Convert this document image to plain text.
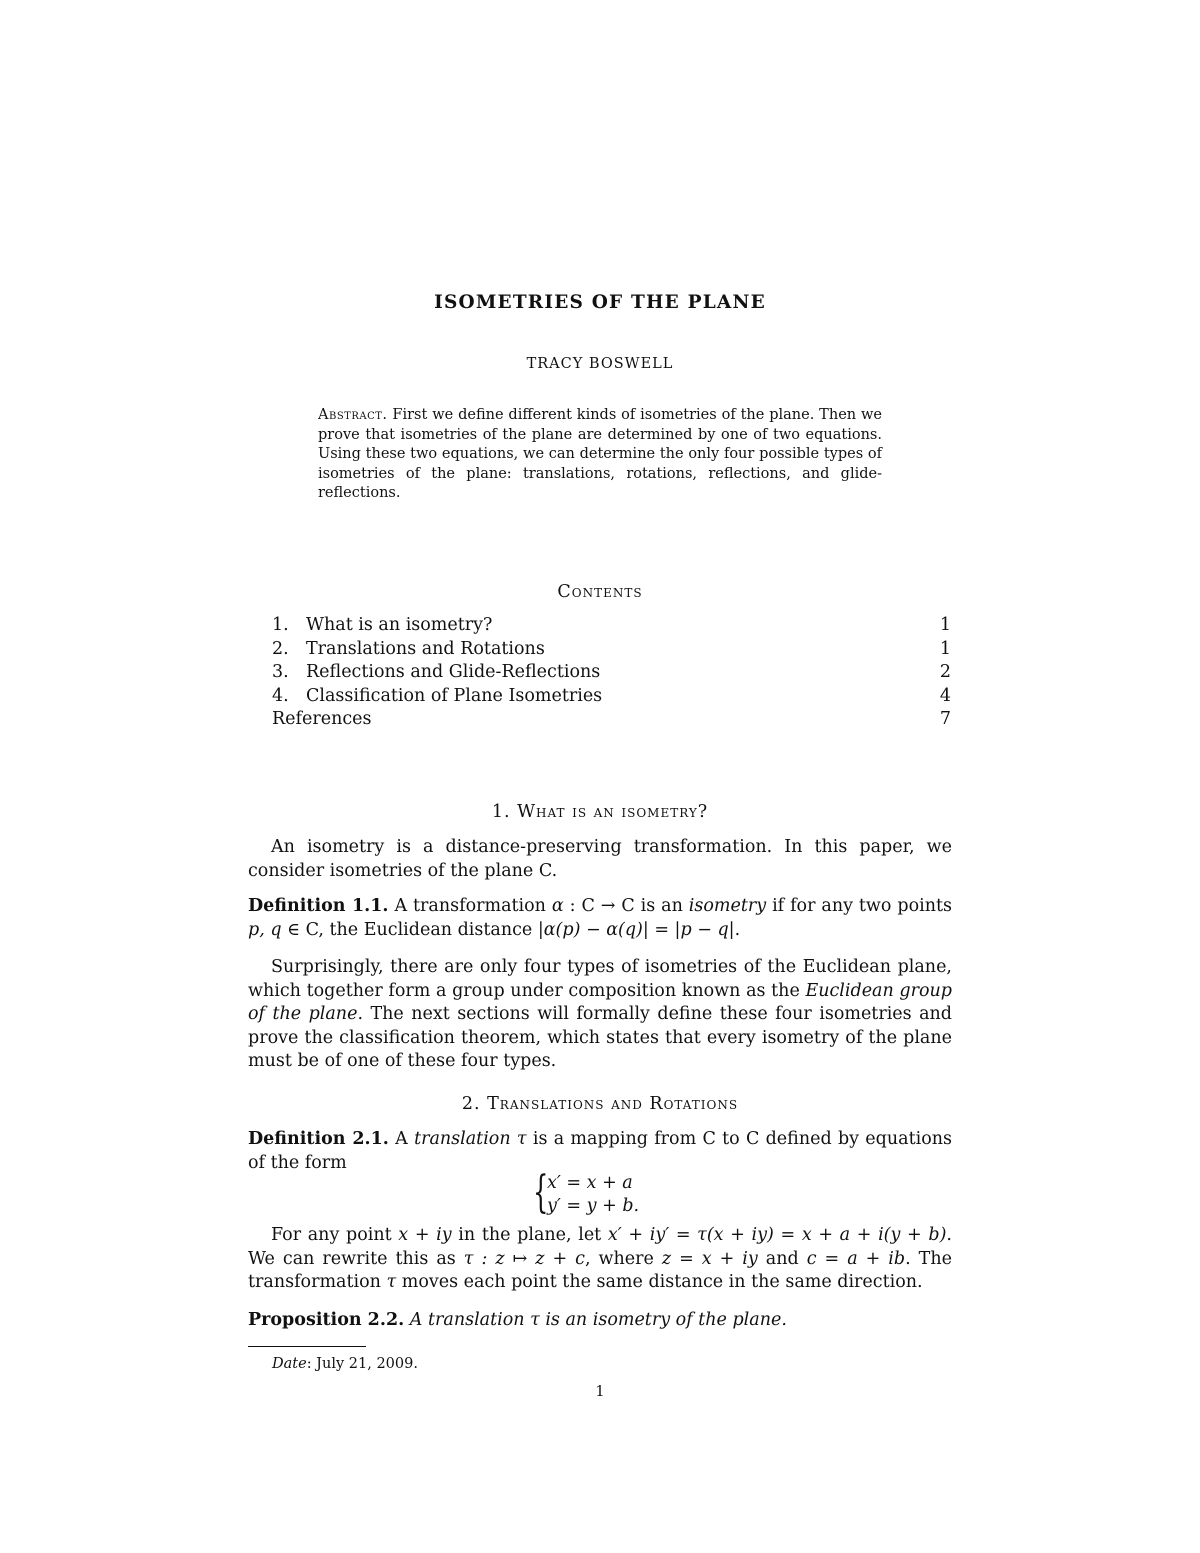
ISOMETRIES OF THE PLANE
TRACY BOSWELL
Abstract. First we define different kinds of isometries of the plane. Then we prove that isometries of the plane are determined by one of two equations. Using these two equations, we can determine the only four possible types of isometries of the plane: translations, rotations, reflections, and glide-reflections.
Contents
1. What is an isometry?	1
2. Translations and Rotations	1
3. Reflections and Glide-Reflections	2
4. Classification of Plane Isometries	4
References	7
1. What is an isometry?
An isometry is a distance-preserving transformation. In this paper, we consider isometries of the plane C.
Definition 1.1. A transformation α : C → C is an isometry if for any two points p, q ∈ C, the Euclidean distance |α(p) − α(q)| = |p − q|.
Surprisingly, there are only four types of isometries of the Euclidean plane, which together form a group under composition known as the Euclidean group of the plane. The next sections will formally define these four isometries and prove the classification theorem, which states that every isometry of the plane must be of one of these four types.
2. Translations and Rotations
Definition 2.1. A translation τ is a mapping from C to C defined by equations of the form
{
x′ = x + a
y′ = y + b.
For any point x + iy in the plane, let x′ + iy′ = τ(x + iy) = x + a + i(y + b). We can rewrite this as τ : z ↦ z + c, where z = x + iy and c = a + ib. The transformation τ moves each point the same distance in the same direction.
Proposition 2.2. A translation τ is an isometry of the plane.
Date: July 21, 2009.
1
